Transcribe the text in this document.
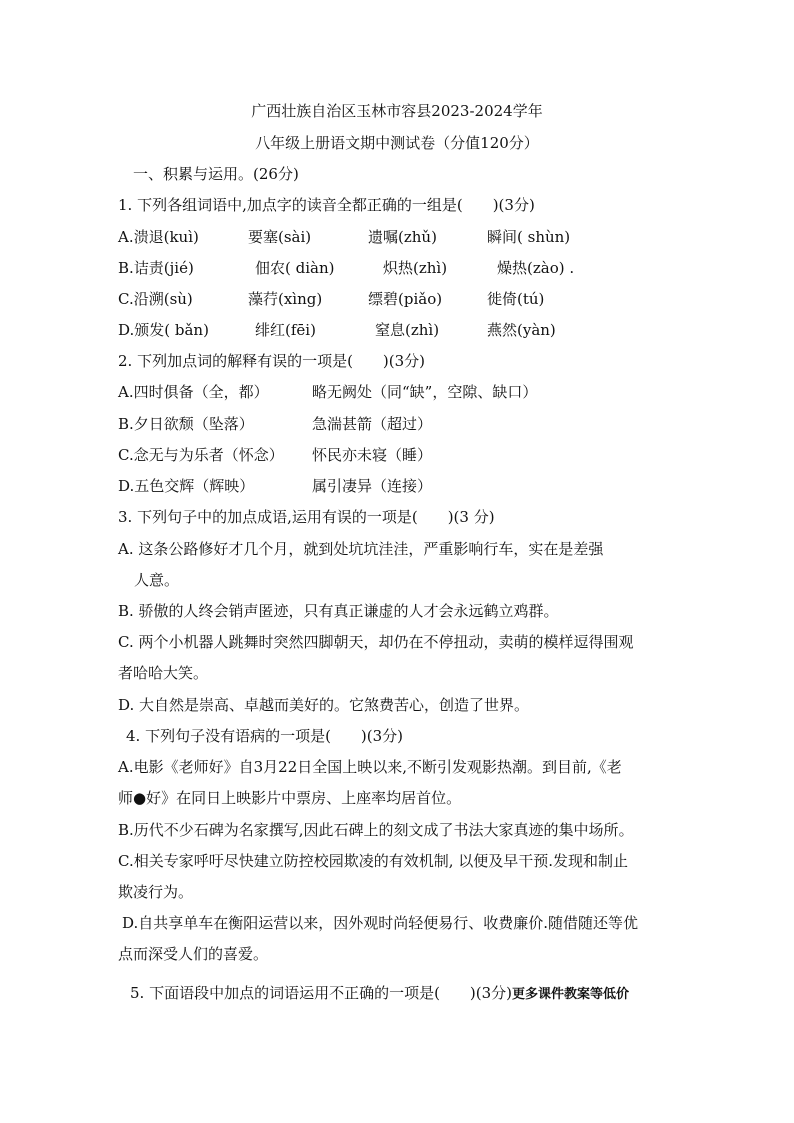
广西壮族自治区玉林市容县2023-2024学年
八年级上册语文期中测试卷（分值120分）
一、积累与运用。(26分)
1. 下列各组词语中,加点字的读音全都正确的一组是(　　)(3分)
A.溃退(kuì)	要塞(sài)	遗嘱(zhǔ)	瞬间( shùn)
B.诘责(jié)	佃农( diàn)	炽热(zhì)	燥热(zào) .
C.沿溯(sù)	藻荇(xìng)	缥碧(piǎo)	徙倚(tú)
D.颁发( bǎn)	绯红(fēi)	窒息(zhì)	燕然(yàn)
2. 下列加点词的解释有误的一项是(　　)(3分)
A.四时俱备（全，都）	略无阙处（同“缺”，空隙、缺口）
B.夕日欲颓（坠落）	急湍甚箭（超过）
C.念无与为乐者（怀念） 怀民亦未寝（睡）
D.五色交辉（辉映）	属引凄异（连接）
3. 下列句子中的加点成语,运用有误的一项是(　　)(3 分)
A. 这条公路修好才几个月，就到处坑坑洼洼，严重影响行车，实在是差强
人意。
B. 骄傲的人终会销声匿迹，只有真正谦虚的人才会永远鹤立鸡群。
C. 两个小机器人跳舞时突然四脚朝天，却仍在不停扭动，卖萌的模样逗得围观
者哈哈大笑。
D. 大自然是崇高、卓越而美好的。它煞费苦心，创造了世界。
4. 下列句子没有语病的一项是(　　)(3分)
A.电影《老师好》自3月22日全国上映以来,不断引发观影热潮。到目前,《老
师●好》在同日上映影片中票房、上座率均居首位。
B.历代不少石碑为名家撰写,因此石碑上的刻文成了书法大家真迹的集中场所。
C.相关专家呼吁尽快建立防控校园欺凌的有效机制, 以便及早干预.发现和制止
欺凌行为。
D.自共享单车在衡阳运营以来，因外观时尚轻便易行、收费廉价.随借随还等优
点而深受人们的喜爱。
5. 下面语段中加点的词语运用不正确的一项是(　　)(3分)更多课件教案等低价
